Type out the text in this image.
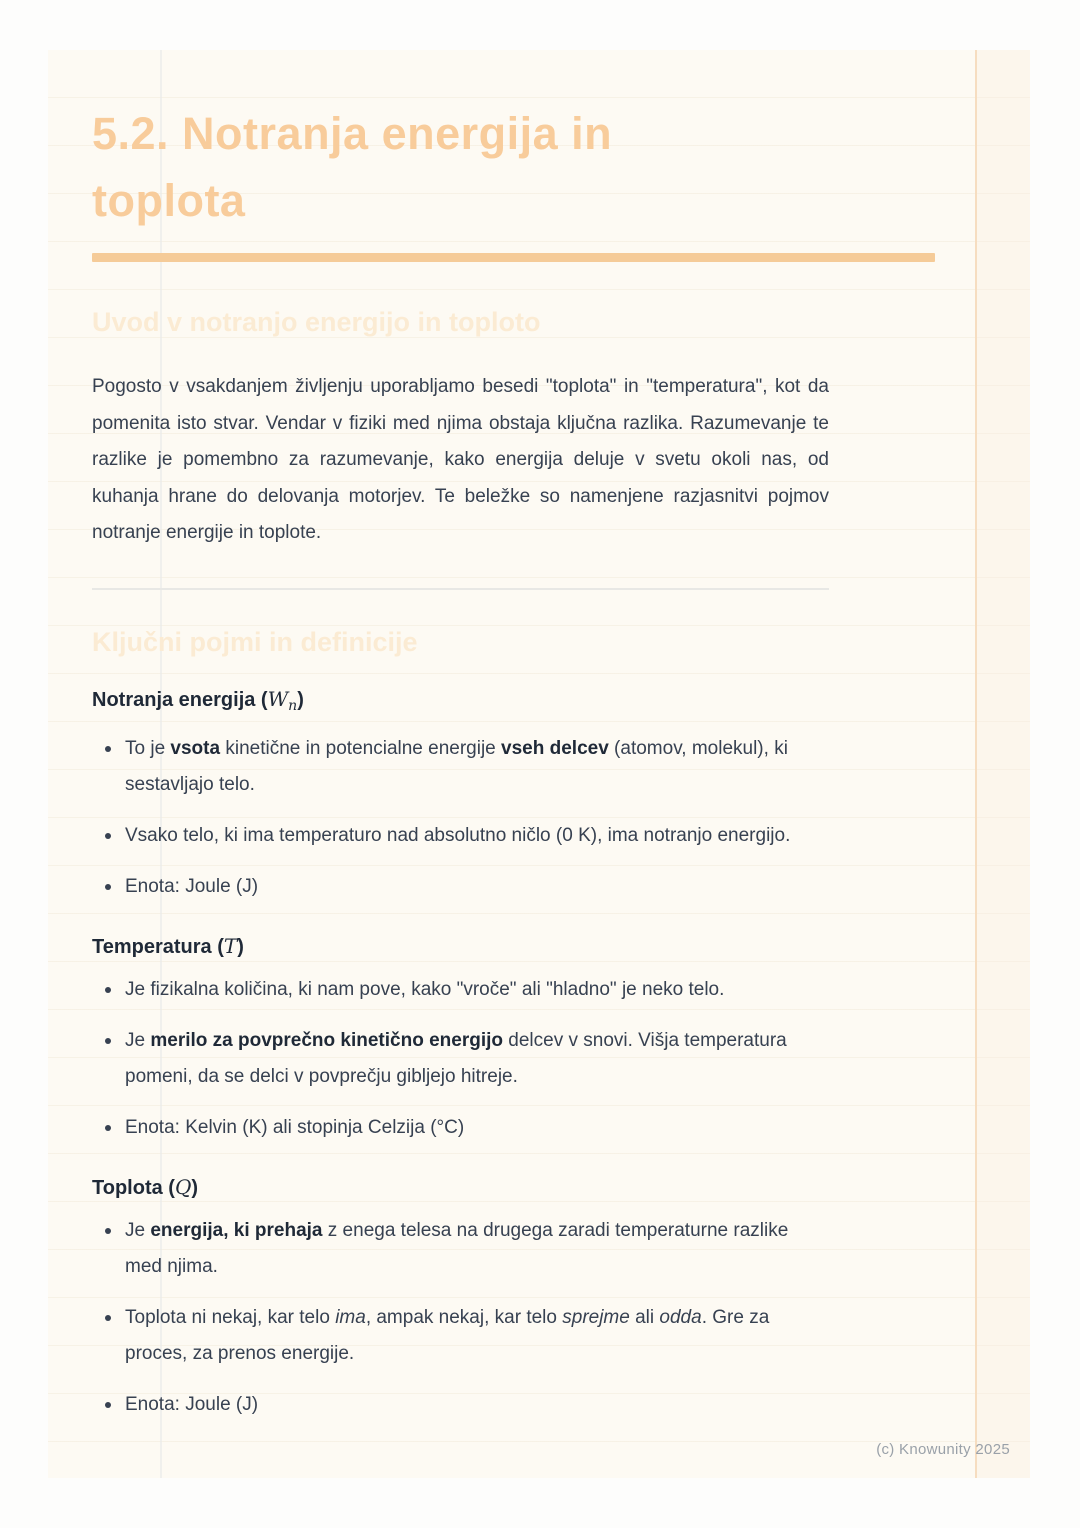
5.2. Notranja energija in
toplota
Uvod v notranjo energijo in toploto

Pogosto v vsakdanjem življenju uporabljamo besedi "toplota" in "temperatura", kot da pomenita isto stvar. Vendar v fiziki med njima obstaja ključna razlika. Razumevanje te razlike je pomembno za razumevanje, kako energija deluje v svetu okoli nas, od kuhanja hrane do delovanja motorjev. Te beležke so namenjene razjasnitvi pojmov notranje energije in toplote.

Ključni pojmi in definicije
Notranja energija $(W_n)$
To je vsota kinetične in potencialne energije vseh delcev (atomov, molekul), ki sestavljajo telo.
Vsako telo, ki ima temperaturo nad absolutno ničlo (0 K), ima notranjo energijo.
Enota: Joule (J)
Temperatura (T)
Je fizikalna količina, ki nam pove, kako "vroče" ali "hladno" je neko telo.
Je merilo za povprečno kinetično energijo delcev v snovi. Višja temperatura pomeni, da se delci v povprečju gibljejo hitreje.
Enota: Kelvin (K) ali stopinja Celzija (°C)
Toplota (Q)
Je energija, ki prehaja z enega telesa na drugega zaradi temperaturne razlike med njima.
Toplota ni nekaj, kar telo ima, ampak nekaj, kar telo sprejme ali odda. Gre za proces, za prenos energije.
Enota: Joule (J)
(c) Knowunity 2025
